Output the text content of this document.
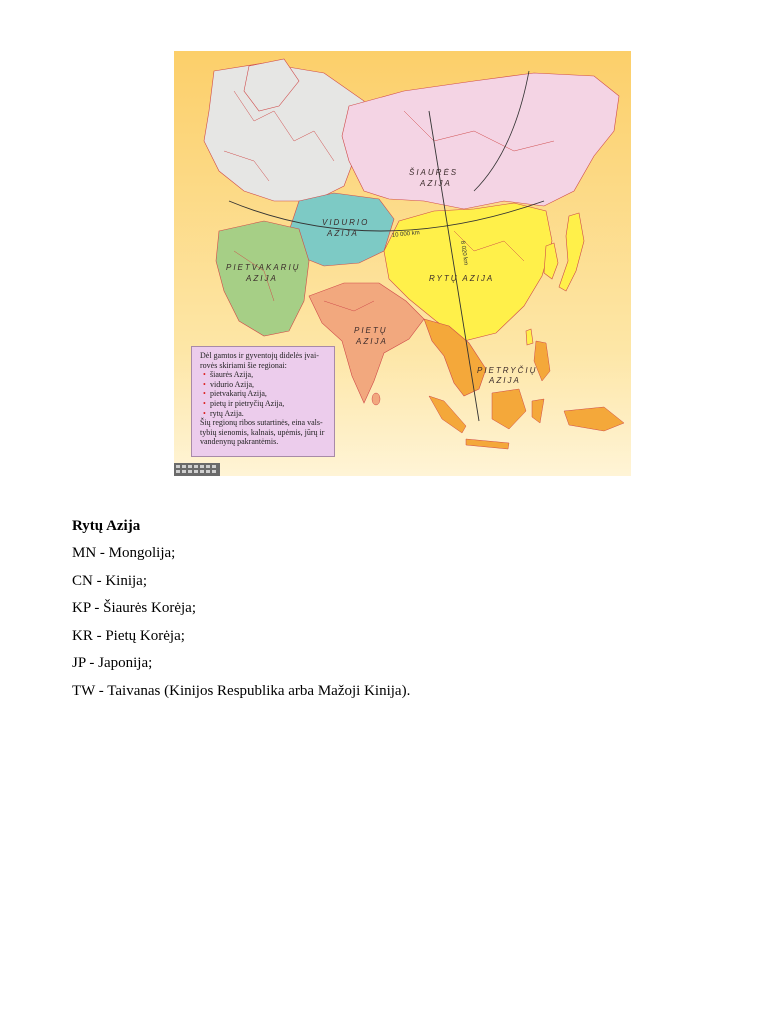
ŠIAURĖS
AZIJA
VIDURIO
AZIJA
PIETVAKARIŲ
AZIJA	RYTŲ AZIJA
PIETŲ
AZIJA
PIETRYČIŲ
AZIJA
10 000 km
8 020 km

Dėl gamtos ir gyventojų didelės įvai-rovės skiriami šie regionai:

• šiaurės Azija,
• vidurio Azija,
• pietvakarių Azija,
• pietų ir pietryčių Azija,
• rytų Azija.

Šių regionų ribos sutartinės, eina vals-tybių sienomis, kalnais, upėmis, jūrų ir vandenynų pakrantėmis.

Rytų Azija

MN - Mongolija;

CN - Kinija;

KP - Šiaurės Korėja;

KR - Pietų Korėja;

JP - Japonija;

TW - Taivanas (Kinijos Respublika arba Mažoji Kinija).
